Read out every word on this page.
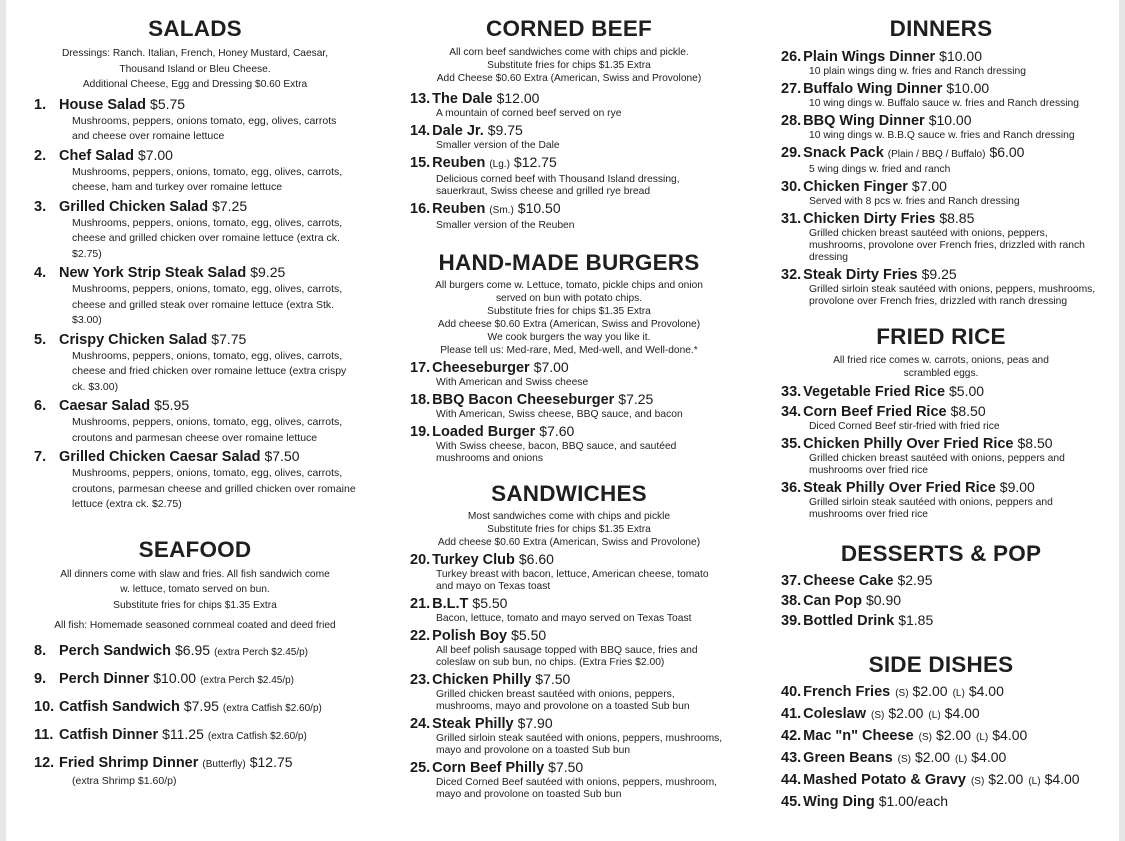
SALADS

Dressings: Ranch. Italian, French, Honey Mustard, Caesar,

Thousand Island or Bleu Cheese.

Additional Cheese, Egg and Dressing $0.60 Extra

1. House Salad $5.75
Mushrooms, peppers, onions tomato, egg, olives, carrots and cheese over romaine lettuce
2. Chef Salad $7.00
Mushrooms, peppers, onions, tomato, egg, olives, carrots, cheese, ham and turkey over romaine lettuce
3. Grilled Chicken Salad $7.25
Mushrooms, peppers, onions, tomato, egg, olives, carrots, cheese and grilled chicken over romaine lettuce (extra ck. $2.75)
4. New York Strip Steak Salad $9.25
Mushrooms, peppers, onions, tomato, egg, olives, carrots, cheese and grilled steak over romaine lettuce (extra Stk. $3.00)
5. Crispy Chicken Salad $7.75
Mushrooms, peppers, onions, tomato, egg, olives, carrots, cheese and fried chicken over romaine lettuce (extra crispy ck. $3.00)
6. Caesar Salad $5.95
Mushrooms, peppers, onions, tomato, egg, olives, carrots, croutons and parmesan cheese over romaine lettuce
7. Grilled Chicken Caesar Salad $7.50
Mushrooms, peppers, onions, tomato, egg, olives, carrots, croutons, parmesan cheese and grilled chicken over romaine lettuce (extra ck. $2.75)
SEAFOOD

All dinners come with slaw and fries. All fish sandwich come

w. lettuce, tomato served on bun.

Substitute fries for chips $1.35 Extra

All fish: Homemade seasoned cornmeal coated and deed fried

8. Perch Sandwich $6.95 (extra Perch $2.45/p)
9. Perch Dinner $10.00 (extra Perch $2.45/p)
10. Catfish Sandwich $7.95 (extra Catfish $2.60/p)
11. Catfish Dinner $11.25 (extra Catfish $2.60/p)
12. Fried Shrimp Dinner (Butterfly) $12.75
(extra Shrimp $1.60/p)
CORNED BEEF

All corn beef sandwiches come with chips and pickle.

Substitute fries for chips $1.35 Extra

Add Cheese $0.60 Extra (American, Swiss and Provolone)

13. The Dale $12.00
A mountain of corned beef served on rye
14. Dale Jr. $9.75
Smaller version of the Dale
15. Reuben (Lg.) $12.75
Delicious corned beef with Thousand Island dressing, sauerkraut, Swiss cheese and grilled rye bread
16. Reuben (Sm.) $10.50
Smaller version of the Reuben
HAND-MADE BURGERS

All burgers come w. Lettuce, tomato, pickle chips and onion

served on bun with potato chips.

Substitute fries for chips $1.35 Extra

Add cheese $0.60 Extra (American, Swiss and Provolone)

We cook burgers the way you like it.

Please tell us: Med-rare, Med, Med-well, and Well-done.*

17. Cheeseburger $7.00
With American and Swiss cheese
18. BBQ Bacon Cheeseburger $7.25
With American, Swiss cheese, BBQ sauce, and bacon
19. Loaded Burger $7.60
With Swiss cheese, bacon, BBQ sauce, and sautéed mushrooms and onions
SANDWICHES

Most sandwiches come with chips and pickle

Substitute fries for chips $1.35 Extra

Add cheese $0.60 Extra (American, Swiss and Provolone)

20. Turkey Club $6.60
Turkey breast with bacon, lettuce, American cheese, tomato and mayo on Texas toast
21. B.L.T $5.50
Bacon, lettuce, tomato and mayo served on Texas Toast
22. Polish Boy $5.50
All beef polish sausage topped with BBQ sauce, fries and coleslaw on sub bun, no chips. (Extra Fries $2.00)
23. Chicken Philly $7.50
Grilled chicken breast sautéed with onions, peppers, mushrooms, mayo and provolone on a toasted Sub bun
24. Steak Philly $7.90
Grilled sirloin steak sautéed with onions, peppers, mushrooms, mayo and provolone on a toasted Sub bun
25. Corn Beef Philly $7.50
Diced Corned Beef sautéed with onions, peppers, mushroom, mayo and provolone on toasted Sub bun
DINNERS
26. Plain Wings Dinner $10.00
10 plain wings ding w. fries and Ranch dressing
27. Buffalo Wing Dinner $10.00
10 wing dings w. Buffalo sauce w. fries and Ranch dressing
28. BBQ Wing Dinner $10.00
10 wing dings w. B.B.Q sauce w. fries and Ranch dressing
29. Snack Pack (Plain / BBQ / Buffalo) $6.00
5 wing dings w. fried and ranch
30. Chicken Finger $7.00
Served with 8 pcs w. fries and Ranch dressing
31. Chicken Dirty Fries $8.85
Grilled chicken breast sautéed with onions, peppers, mushrooms, provolone over French fries, drizzled with ranch dressing
32. Steak Dirty Fries $9.25
Grilled sirloin steak sautéed with onions, peppers, mushrooms, provolone over French fries, drizzled with ranch dressing
FRIED RICE

All fried rice comes w. carrots, onions, peas and

scrambled eggs.

33. Vegetable Fried Rice $5.00
34. Corn Beef Fried Rice $8.50
Diced Corned Beef stir-fried with fried rice
35. Chicken Philly Over Fried Rice $8.50
Grilled chicken breast sautéed with onions, peppers and mushrooms over fried rice
36. Steak Philly Over Fried Rice $9.00
Grilled sirloin steak sautéed with onions, peppers and mushrooms over fried rice
DESSERTS & POP
37. Cheese Cake $2.95
38. Can Pop $0.90
39. Bottled Drink $1.85
SIDE DISHES
40. French Fries (S) $2.00 (L) $4.00
41. Coleslaw (S) $2.00 (L) $4.00
42. Mac "n" Cheese (S) $2.00 (L) $4.00
43. Green Beans (S) $2.00 (L) $4.00
44. Mashed Potato & Gravy (S) $2.00 (L) $4.00
45. Wing Ding $1.00/each
